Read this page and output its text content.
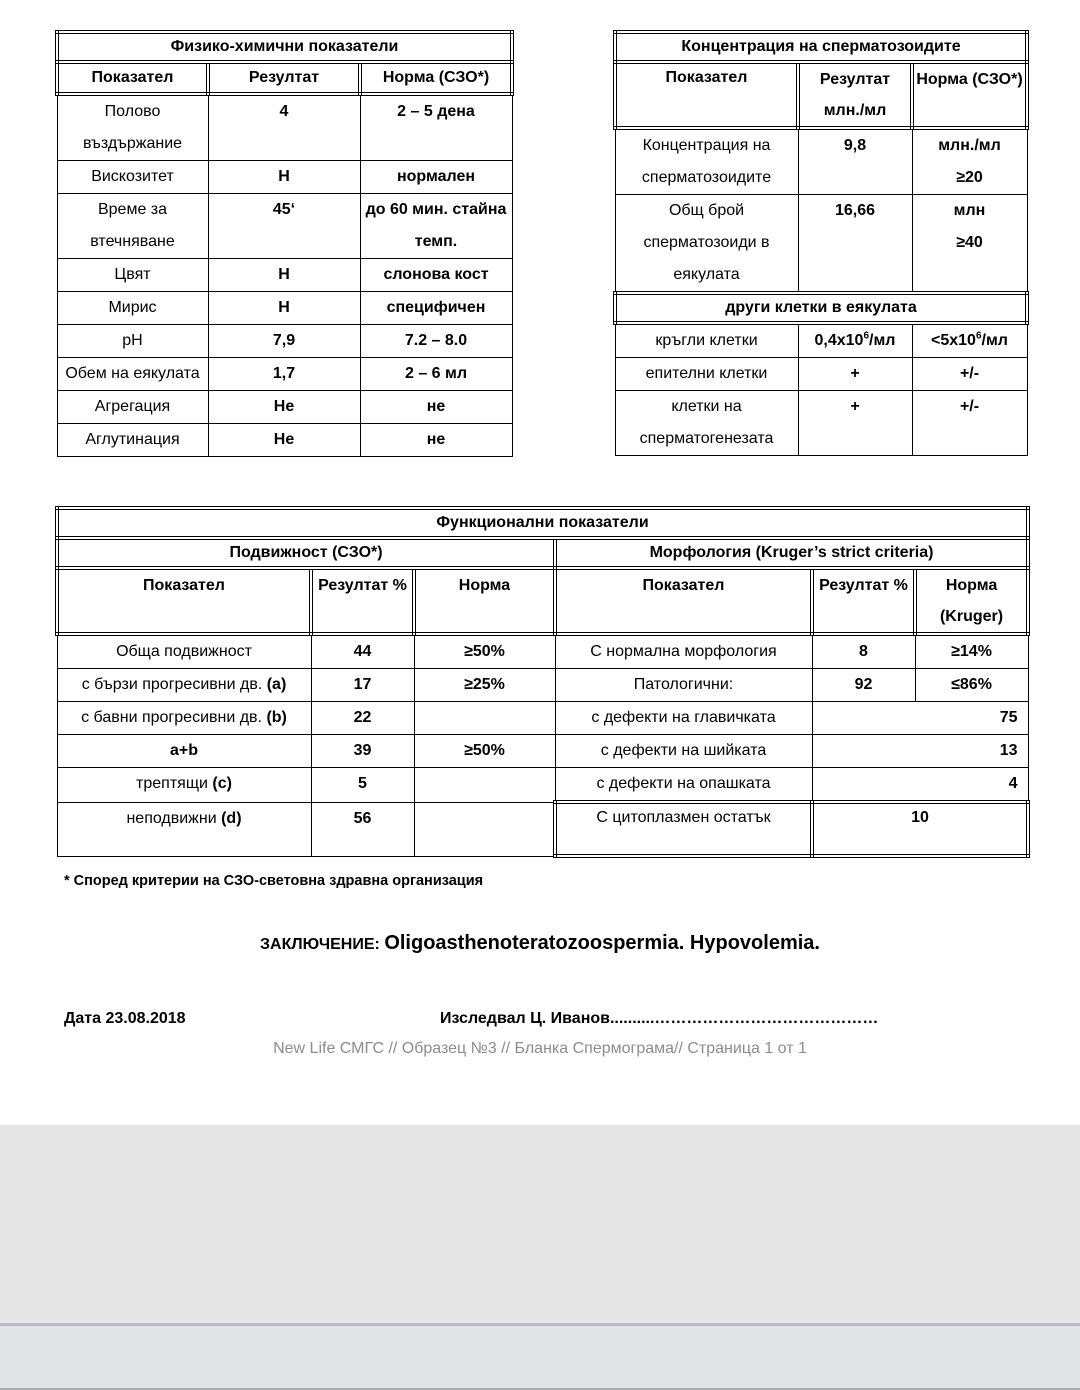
Физико-химични показатели		
Показател	Резултат	Норма (СЗО*)
Полово въздържание	4	2 – 5 дена
Вискозитет	Н	нормален
Време за втечняване	45‘	до 60 мин. стайна темп.
Цвят	Н	слонова кост
Мирис	Н	специфичен
pH	7,9	7.2 – 8.0
Обем на еякулата	1,7	2 – 6 мл
Агрегация	Не	не
Аглутинация	Не	не
Концентрация на сперматозоидите		
Показател	Резултат млн./мл	Норма (СЗО*)
Концентрация на сперматозоидите	9,8	млн./мл ≥20
Общ брой сперматозоиди в еякулата	16,66	млн ≥40
други клетки в еякулата		
кръгли клетки	$0,4x10^6/мл$	$<5x10^6/мл$
епителни клетки	+	+/-
клетки на сперматогенезата	+	+/-
Функционални показатели					
Подвижност (СЗО*)			Морфология (Kruger’s strict criteria)		
Показател	Резултат %	Норма	Показател	Резултат %	Норма (Kruger)
Обща подвижност	44	≥50%	С нормална морфология	8	≥14%
с бързи прогресивни дв. (a)	17	≥25%	Патологични:	92	≤86%
с бавни прогресивни дв. (b)	22		с дефекти на главичката	75	
a+b	39	≥50%	с дефекти на шийката	13	
трептящи (c)	5		с дефекти на опашката	4	
неподвижни (d)	56		С цитоплазмен остатък	10	
* Според критерии на СЗО-световна здравна организация
ЗАКЛЮЧЕНИЕ: Oligoasthenoteratozoospermia. Hypovolemia.
Дата 23.08.2018	Изследвал Ц. Иванов..........……………………………………
New Life СМГС // Образец №3 // Бланка Спермограма// Страница 1 от 1
